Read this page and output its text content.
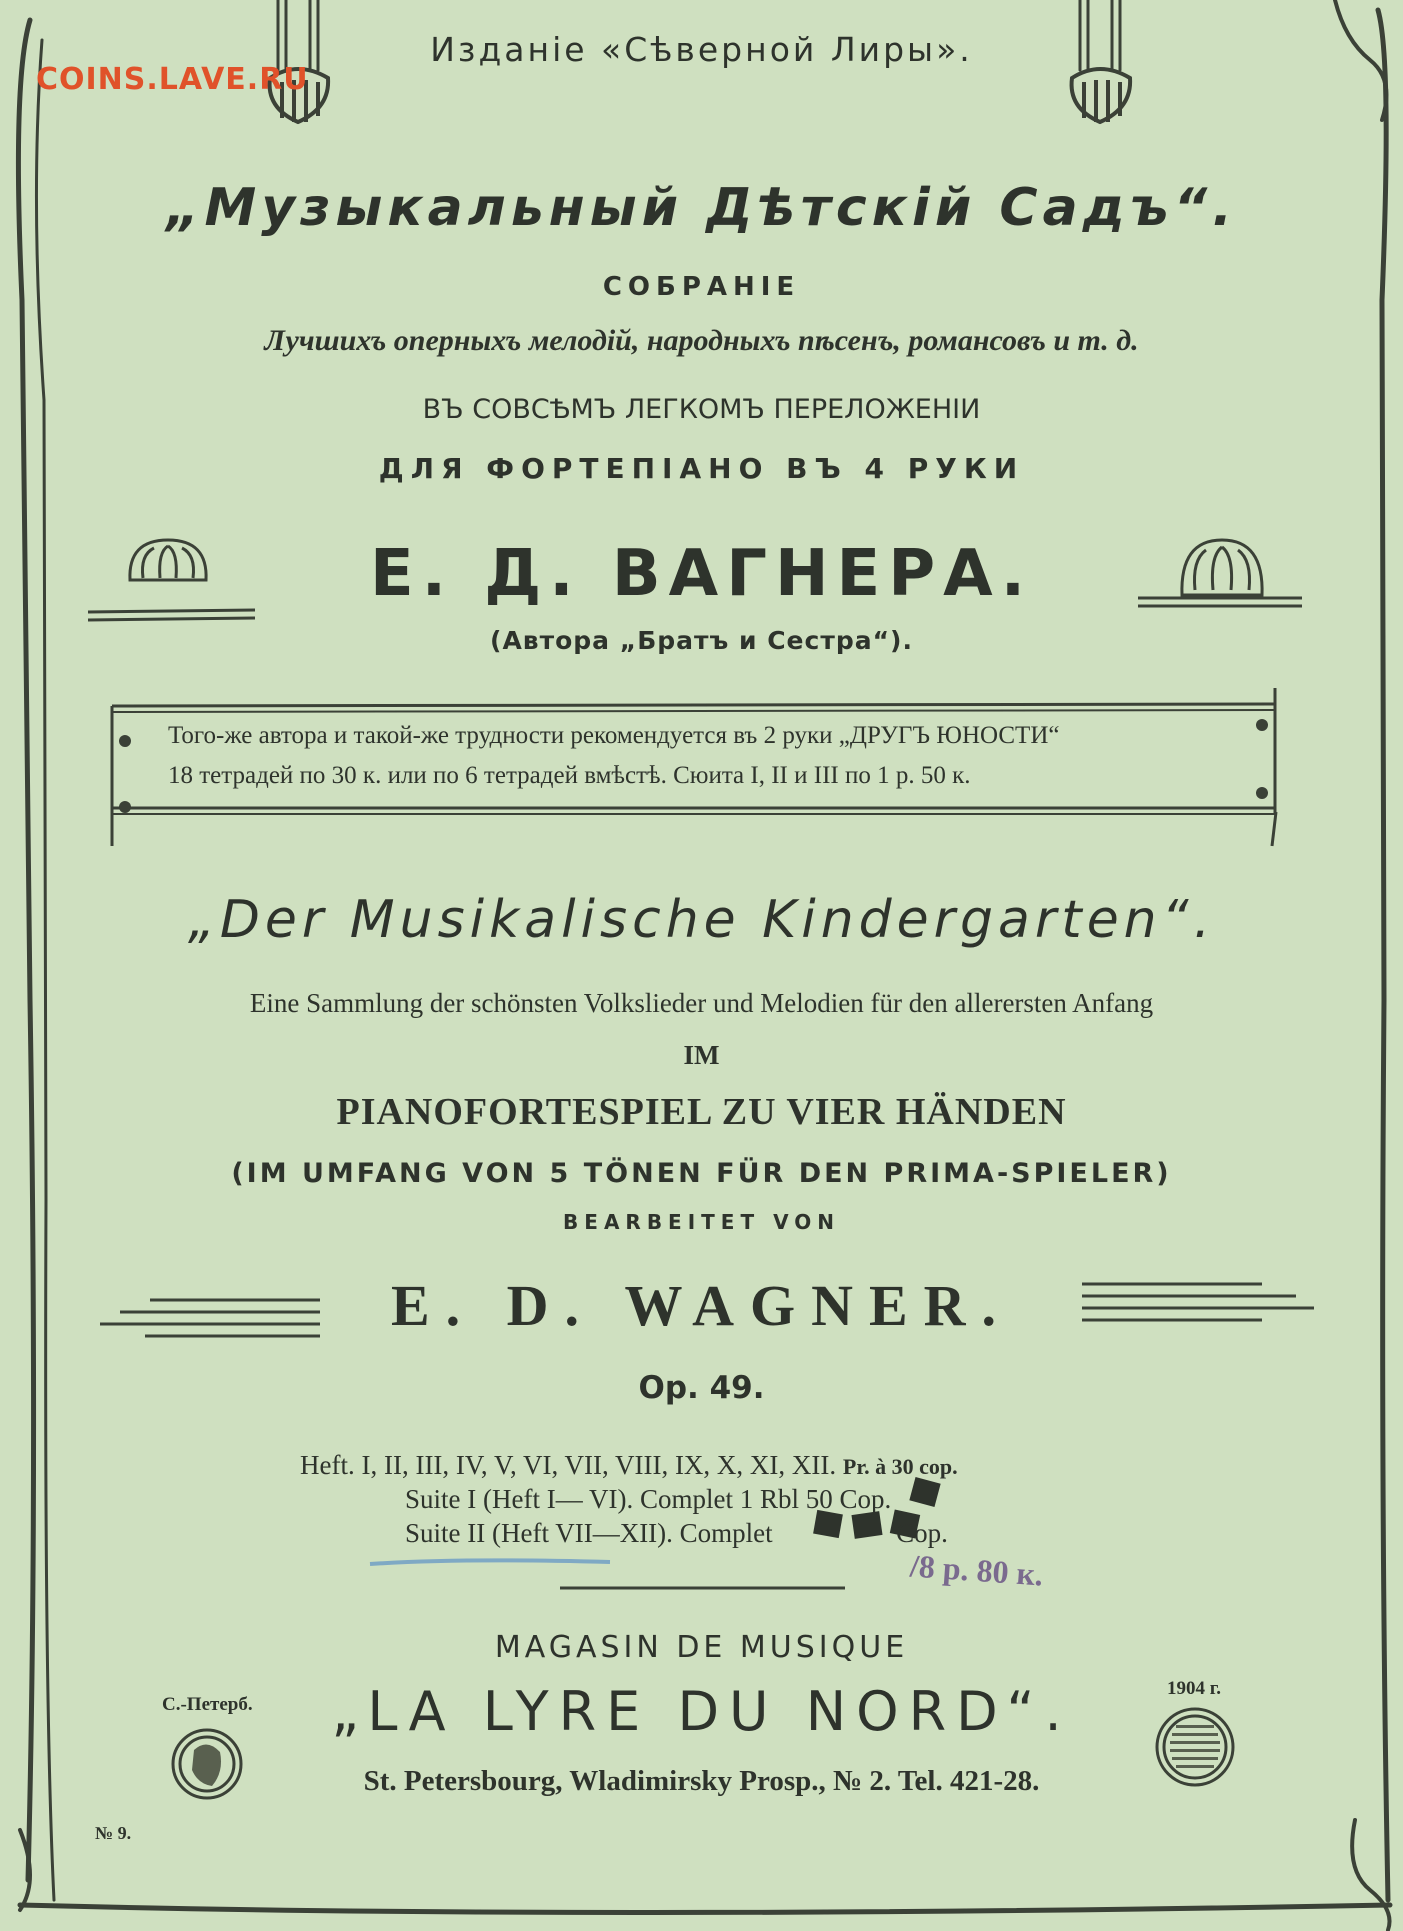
COINS.LAVE.RU
Изданіе «Сѣверной Лиры».
„Музыкальный Дѣтскій Садъ“.
СОБРАНІЕ
Лучшихъ оперныхъ мелодій, народныхъ пѣсенъ, романсовъ и т. д.
ВЪ СОВСѢМЪ ЛЕГКОМЪ ПЕРЕЛОЖЕНІИ
ДЛЯ ФОРТЕПІАНО ВЪ 4 РУКИ
Е. Д. ВАГНЕРА.
(Автора „Братъ и Сестра“).
Того-же автора и такой-же трудности рекомендуется въ 2 руки „ДРУГЪ ЮНОСТИ“
18 тетрадей по 30 к. или по 6 тетрадей вмѣстѣ. Сюита I, II и III по 1 р. 50 к.
„Der Musikalische Kindergarten“.
Eine Sammlung der schönsten Volkslieder und Melodien für den allerersten Anfang
IM
PIANOFORTESPIEL ZU VIER HÄNDEN
(IM UMFANG VON 5 TÖNEN FÜR DEN PRIMA-SPIELER)
BEARBEITET VON
E. D. WAGNER.
Op. 49.
Heft. I, II, III, IV, V, VI, VII, VIII, IX, X, XI, XII. Pr. à 30 cop.
Suite I (Heft I— VI). Complet 1 Rbl 50 Cop.
Suite II (Heft VII—XII). Complet	Cop.
/8 р. 80 к.
MAGASIN DE MUSIQUE
„LA LYRE DU NORD“.
С.-Петерб.
1904 г.
St. Petersbourg, Wladimirsky Prosp., № 2. Tel. 421-28.
№ 9.
